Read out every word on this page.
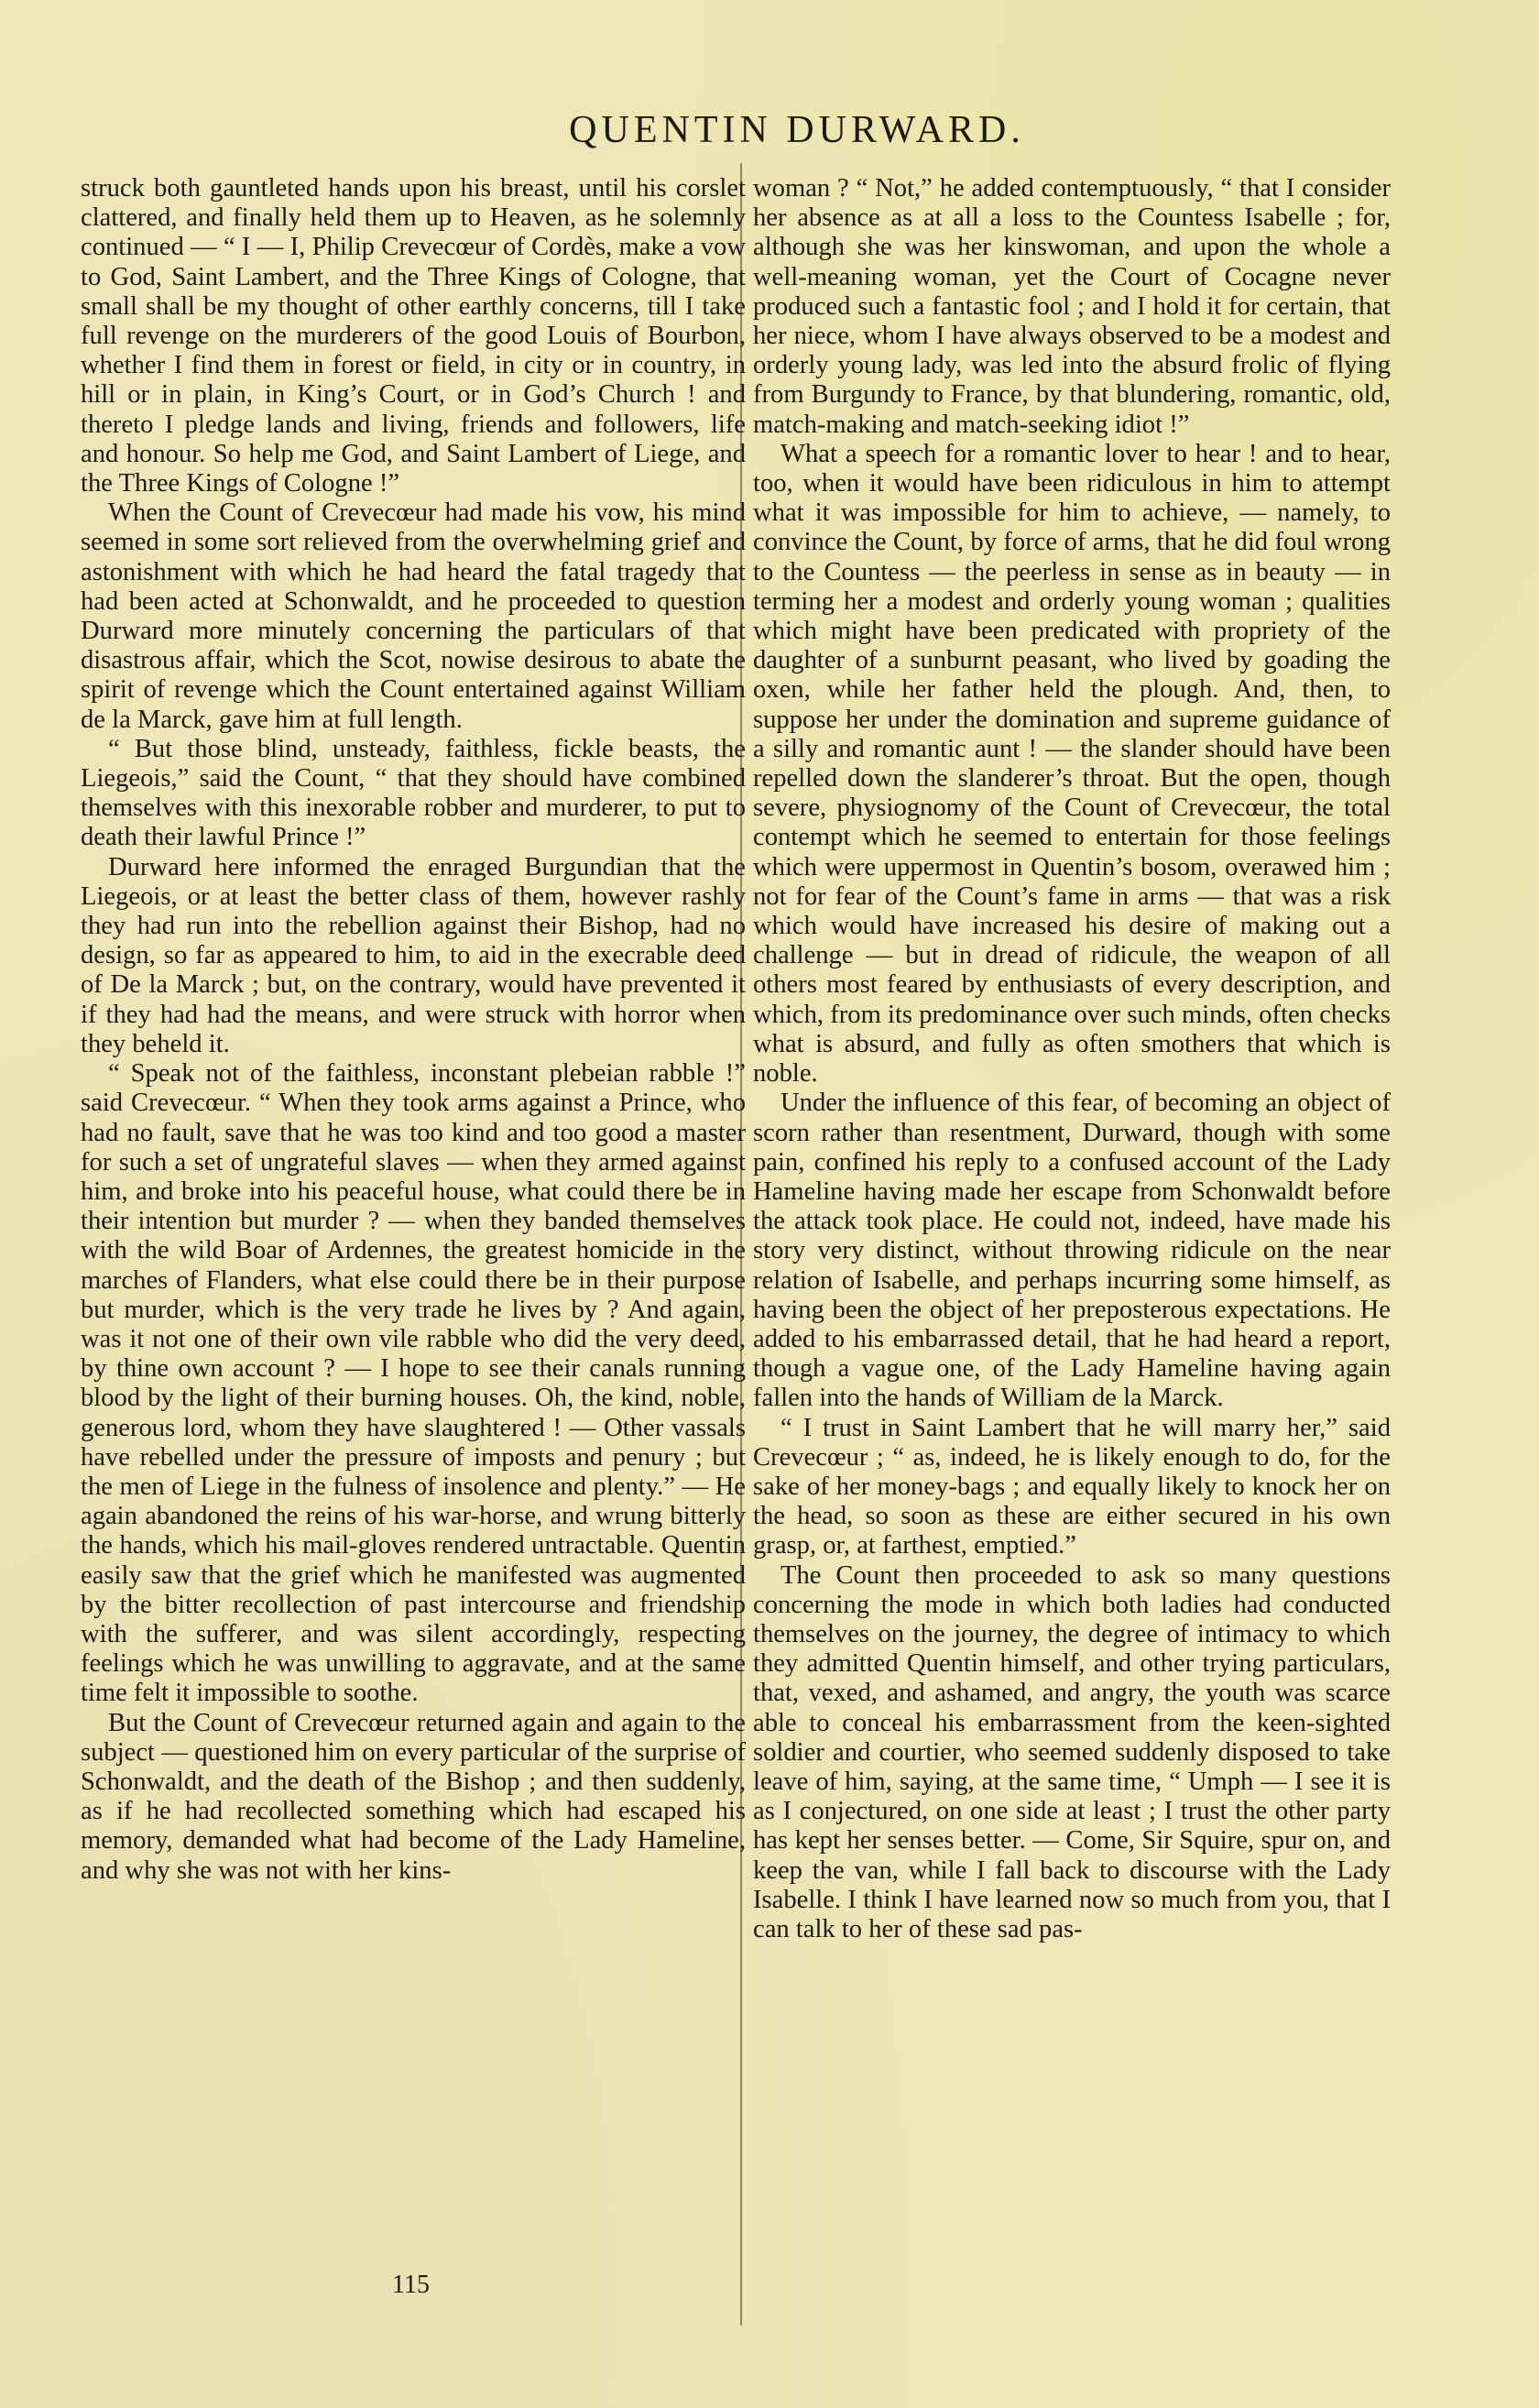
QUENTIN DURWARD.

struck both gauntleted hands upon his breast, until his corslet clattered, and finally held them up to Heaven, as he solemnly continued — “ I — I, Philip Crevecœur of Cordès, make a vow to God, Saint Lambert, and the Three Kings of Cologne, that small shall be my thought of other earthly concerns, till I take full revenge on the murderers of the good Louis of Bourbon, whether I find them in forest or field, in city or in country, in hill or in plain, in King’s Court, or in God’s Church ! and thereto I pledge lands and living, friends and followers, life and honour. So help me God, and Saint Lambert of Liege, and the Three Kings of Cologne !”

When the Count of Crevecœur had made his vow, his mind seemed in some sort relieved from the overwhelming grief and astonishment with which he had heard the fatal tragedy that had been acted at Schonwaldt, and he proceeded to question Durward more minutely concerning the particulars of that disastrous affair, which the Scot, nowise desirous to abate the spirit of revenge which the Count entertained against William de la Marck, gave him at full length.

“ But those blind, unsteady, faithless, fickle beasts, the Liegeois,” said the Count, “ that they should have combined themselves with this inexorable robber and murderer, to put to death their lawful Prince !”

Durward here informed the enraged Burgundian that the Liegeois, or at least the better class of them, however rashly they had run into the rebellion against their Bishop, had no design, so far as appeared to him, to aid in the execrable deed of De la Marck ; but, on the contrary, would have prevented it if they had had the means, and were struck with horror when they beheld it.

“ Speak not of the faithless, inconstant plebeian rabble !” said Crevecœur. “ When they took arms against a Prince, who had no fault, save that he was too kind and too good a master for such a set of ungrateful slaves — when they armed against him, and broke into his peaceful house, what could there be in their intention but murder ? — when they banded themselves with the wild Boar of Ardennes, the greatest homicide in the marches of Flanders, what else could there be in their purpose but murder, which is the very trade he lives by ? And again, was it not one of their own vile rabble who did the very deed, by thine own account ? — I hope to see their canals running blood by the light of their burning houses. Oh, the kind, noble, generous lord, whom they have slaughtered ! — Other vassals have rebelled under the pressure of imposts and penury ; but the men of Liege in the fulness of insolence and plenty.” — He again abandoned the reins of his war-horse, and wrung bitterly the hands, which his mail-gloves rendered untractable. Quentin easily saw that the grief which he manifested was augmented by the bitter recollection of past intercourse and friendship with the sufferer, and was silent accordingly, respecting feelings which he was unwilling to aggravate, and at the same time felt it impossible to soothe.

But the Count of Crevecœur returned again and again to the subject — questioned him on every particular of the surprise of Schonwaldt, and the death of the Bishop ; and then suddenly, as if he had recollected something which had escaped his memory, demanded what had become of the Lady Hameline, and why she was not with her kins-

woman ? “ Not,” he added contemptuously, “ that I consider her absence as at all a loss to the Countess Isabelle ; for, although she was her kinswoman, and upon the whole a well-meaning woman, yet the Court of Cocagne never produced such a fantastic fool ; and I hold it for certain, that her niece, whom I have always observed to be a modest and orderly young lady, was led into the absurd frolic of flying from Burgundy to France, by that blundering, romantic, old, match-making and match-seeking idiot !”

What a speech for a romantic lover to hear ! and to hear, too, when it would have been ridiculous in him to attempt what it was impossible for him to achieve, — namely, to convince the Count, by force of arms, that he did foul wrong to the Countess — the peerless in sense as in beauty — in terming her a modest and orderly young woman ; qualities which might have been predicated with propriety of the daughter of a sunburnt peasant, who lived by goading the oxen, while her father held the plough. And, then, to suppose her under the domination and supreme guidance of a silly and romantic aunt ! — the slander should have been repelled down the slanderer’s throat. But the open, though severe, physiognomy of the Count of Crevecœur, the total contempt which he seemed to entertain for those feelings which were uppermost in Quentin’s bosom, overawed him ; not for fear of the Count’s fame in arms — that was a risk which would have increased his desire of making out a challenge — but in dread of ridicule, the weapon of all others most feared by enthusiasts of every description, and which, from its predominance over such minds, often checks what is absurd, and fully as often smothers that which is noble.

Under the influence of this fear, of becoming an object of scorn rather than resentment, Durward, though with some pain, confined his reply to a confused account of the Lady Hameline having made her escape from Schonwaldt before the attack took place. He could not, indeed, have made his story very distinct, without throwing ridicule on the near relation of Isabelle, and perhaps incurring some himself, as having been the object of her preposterous expectations. He added to his embarrassed detail, that he had heard a report, though a vague one, of the Lady Hameline having again fallen into the hands of William de la Marck.

“ I trust in Saint Lambert that he will marry her,” said Crevecœur ; “ as, indeed, he is likely enough to do, for the sake of her money-bags ; and equally likely to knock her on the head, so soon as these are either secured in his own grasp, or, at farthest, emptied.”

The Count then proceeded to ask so many questions concerning the mode in which both ladies had conducted themselves on the journey, the degree of intimacy to which they admitted Quentin himself, and other trying particulars, that, vexed, and ashamed, and angry, the youth was scarce able to conceal his embarrassment from the keen-sighted soldier and courtier, who seemed suddenly disposed to take leave of him, saying, at the same time, “ Umph — I see it is as I conjectured, on one side at least ; I trust the other party has kept her senses better. — Come, Sir Squire, spur on, and keep the van, while I fall back to discourse with the Lady Isabelle. I think I have learned now so much from you, that I can talk to her of these sad pas-

115
